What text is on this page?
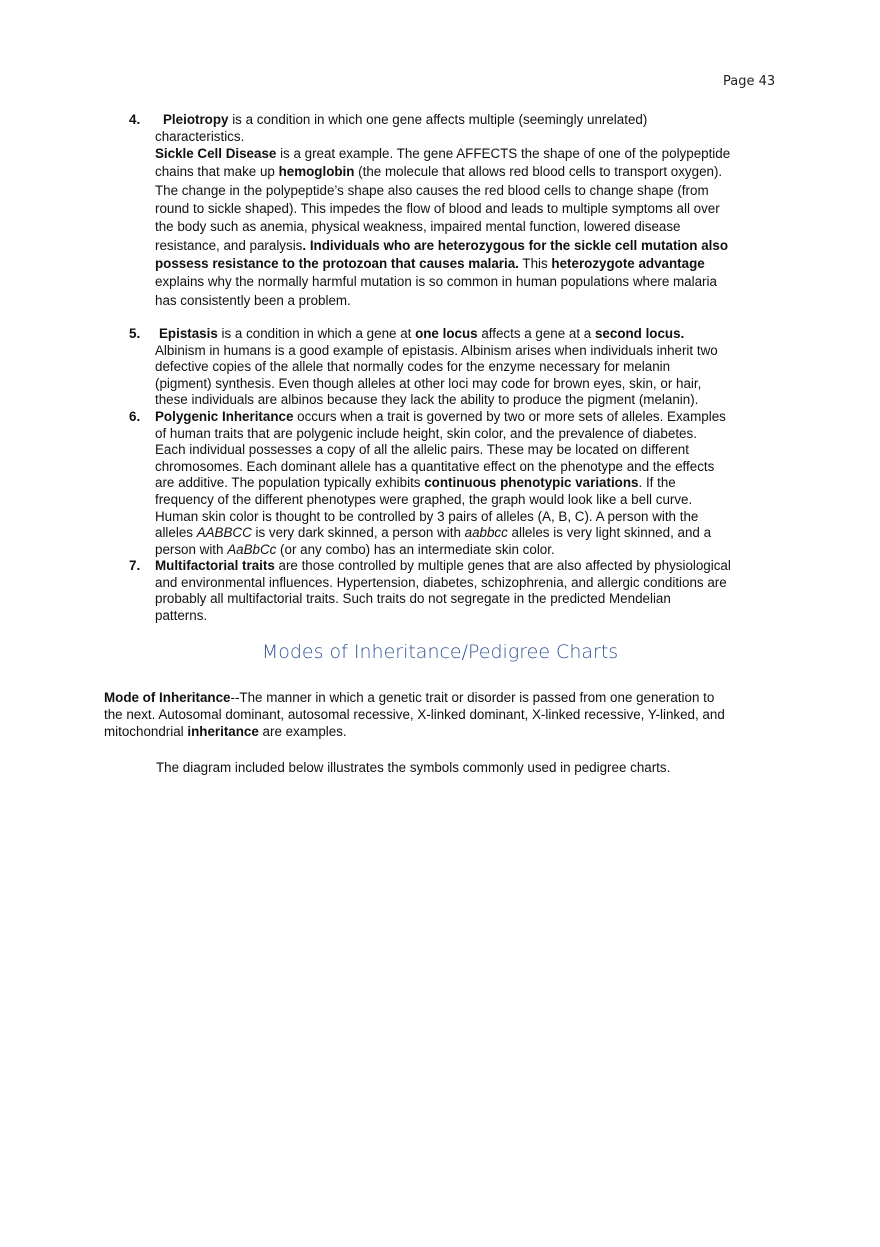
Page 43
4.	Pleiotropy is a condition in which one gene affects multiple (seemingly unrelated)
characteristics.
Sickle Cell Disease is a great example. The gene AFFECTS the shape of one of the polypeptide
chains that make up hemoglobin (the molecule that allows red blood cells to transport oxygen).
The change in the polypeptide’s shape also causes the red blood cells to change shape (from
round to sickle shaped). This impedes the flow of blood and leads to multiple symptoms all over
the body such as anemia, physical weakness, impaired mental function, lowered disease
resistance, and paralysis. Individuals who are heterozygous for the sickle cell mutation also
possess resistance to the protozoan that causes malaria. This heterozygote advantage
explains why the normally harmful mutation is so common in human populations where malaria
has consistently been a problem.
5. Epistasis is a condition in which a gene at one locus affects a gene at a second locus.
Albinism in humans is a good example of epistasis. Albinism arises when individuals inherit two
defective copies of the allele that normally codes for the enzyme necessary for melanin
(pigment) synthesis. Even though alleles at other loci may code for brown eyes, skin, or hair,
these individuals are albinos because they lack the ability to produce the pigment (melanin).
6. Polygenic Inheritance occurs when a trait is governed by two or more sets of alleles. Examples
of human traits that are polygenic include height, skin color, and the prevalence of diabetes.
Each individual possesses a copy of all the allelic pairs. These may be located on different
chromosomes. Each dominant allele has a quantitative effect on the phenotype and the effects
are additive. The population typically exhibits continuous phenotypic variations. If the
frequency of the different phenotypes were graphed, the graph would look like a bell curve.
Human skin color is thought to be controlled by 3 pairs of alleles (A, B, C). A person with the
alleles AABBCC is very dark skinned, a person with aabbcc alleles is very light skinned, and a
person with AaBbCc (or any combo) has an intermediate skin color.
7. Multifactorial traits are those controlled by multiple genes that are also affected by physiological
and environmental influences. Hypertension, diabetes, schizophrenia, and allergic conditions are
probably all multifactorial traits. Such traits do not segregate in the predicted Mendelian
patterns.
Modes of Inheritance/Pedigree Charts
Mode of Inheritance--The manner in which a genetic trait or disorder is passed from one generation to
the next. Autosomal dominant, autosomal recessive, X-linked dominant, X-linked recessive, Y-linked, and
mitochondrial inheritance are examples.
The diagram included below illustrates the symbols commonly used in pedigree charts.
